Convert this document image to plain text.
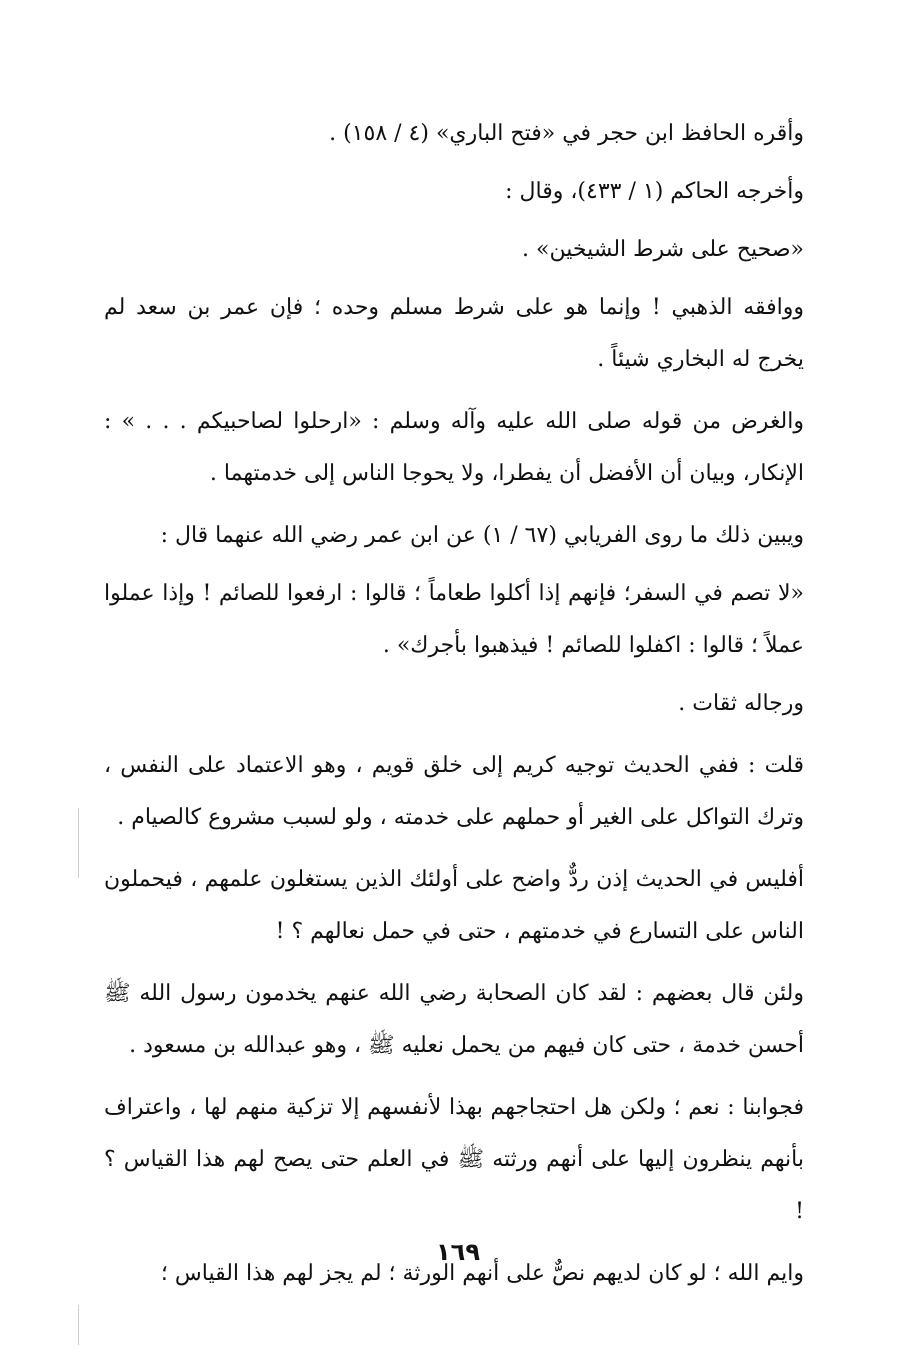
وأقره الحافظ ابن حجر في «فتح الباري» (٤ / ١٥٨) .

وأخرجه الحاكم (١ / ٤٣٣)، وقال :

«صحيح على شرط الشيخين» .

ووافقه الذهبي ! وإنما هو على شرط مسلم وحده ؛ فإن عمر بن سعد لم يخرج له البخاري شيئاً .

والغرض من قوله صلى الله عليه وآله وسلم : «ارحلوا لصاحبيكم . . . » : الإنكار، وبيان أن الأفضل أن يفطرا، ولا يحوجا الناس إلى خدمتهما .

ويبين ذلك ما روى الفريابي (٦٧ / ١) عن ابن عمر رضي الله عنهما قال :

«لا تصم في السفر؛ فإنهم إذا أكلوا طعاماً ؛ قالوا : ارفعوا للصائم ! وإذا عملوا عملاً ؛ قالوا : اكفلوا للصائم ! فيذهبوا بأجرك» .

ورجاله ثقات .

قلت : ففي الحديث توجيه كريم إلى خلق قويم ، وهو الاعتماد على النفس ، وترك التواكل على الغير أو حملهم على خدمته ، ولو لسبب مشروع كالصيام .

أفليس في الحديث إذن ردٌّ واضح على أولئك الذين يستغلون علمهم ، فيحملون الناس على التسارع في خدمتهم ، حتى في حمل نعالهم ؟ !

ولئن قال بعضهم : لقد كان الصحابة رضي الله عنهم يخدمون رسول الله ﷺ أحسن خدمة ، حتى كان فيهم من يحمل نعليه ﷺ ، وهو عبدالله بن مسعود .

فجوابنا : نعم ؛ ولكن هل احتجاجهم بهذا لأنفسهم إلا تزكية منهم لها ، واعتراف بأنهم ينظرون إليها على أنهم ورثته ﷺ في العلم حتى يصح لهم هذا القياس ؟ !

وايم الله ؛ لو كان لديهم نصٌّ على أنهم الورثة ؛ لم يجز لهم هذا القياس ؛

١٦٩
